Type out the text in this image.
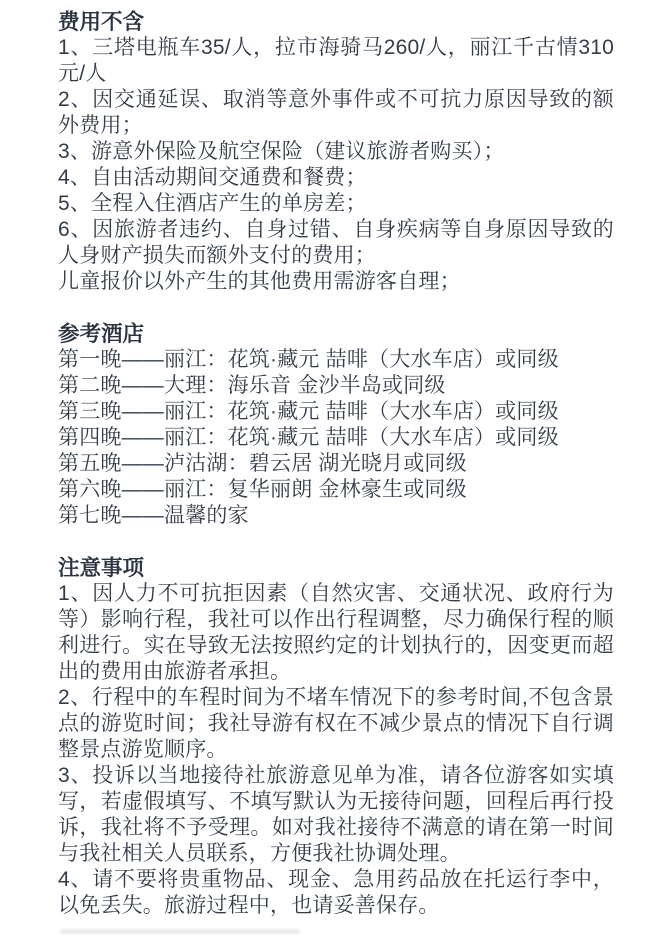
费用不含

1、三塔电瓶车35/人，拉市海骑马260/人，丽江千古情310元/人

2、因交通延误、取消等意外事件或不可抗力原因导致的额外费用；

3、游意外保险及航空保险（建议旅游者购买）；

4、自由活动期间交通费和餐费；

5、全程入住酒店产生的单房差；

6、因旅游者违约、自身过错、自身疾病等自身原因导致的人身财产损失而额外支付的费用；

儿童报价以外产生的其他费用需游客自理；

参考酒店

第一晚——丽江：花筑·藏元 喆啡（大水车店）或同级

第二晚——大理：海乐音 金沙半岛或同级

第三晚——丽江：花筑·藏元 喆啡（大水车店）或同级

第四晚——丽江：花筑·藏元 喆啡（大水车店）或同级

第五晚——泸沽湖：碧云居 湖光晓月或同级

第六晚——丽江：复华丽朗 金林豪生或同级

第七晚——温馨的家

注意事项

1、因人力不可抗拒因素（自然灾害、交通状况、政府行为等）影响行程，我社可以作出行程调整，尽力确保行程的顺利进行。实在导致无法按照约定的计划执行的，因变更而超出的费用由旅游者承担。

2、行程中的车程时间为不堵车情况下的参考时间,不包含景点的游览时间；我社导游有权在不减少景点的情况下自行调整景点游览顺序。

3、投诉以当地接待社旅游意见单为准，请各位游客如实填写，若虚假填写、不填写默认为无接待问题，回程后再行投诉，我社将不予受理。如对我社接待不满意的请在第一时间与我社相关人员联系，方便我社协调处理。

4、请不要将贵重物品、现金、急用药品放在托运行李中，以免丢失。旅游过程中，也请妥善保存。
